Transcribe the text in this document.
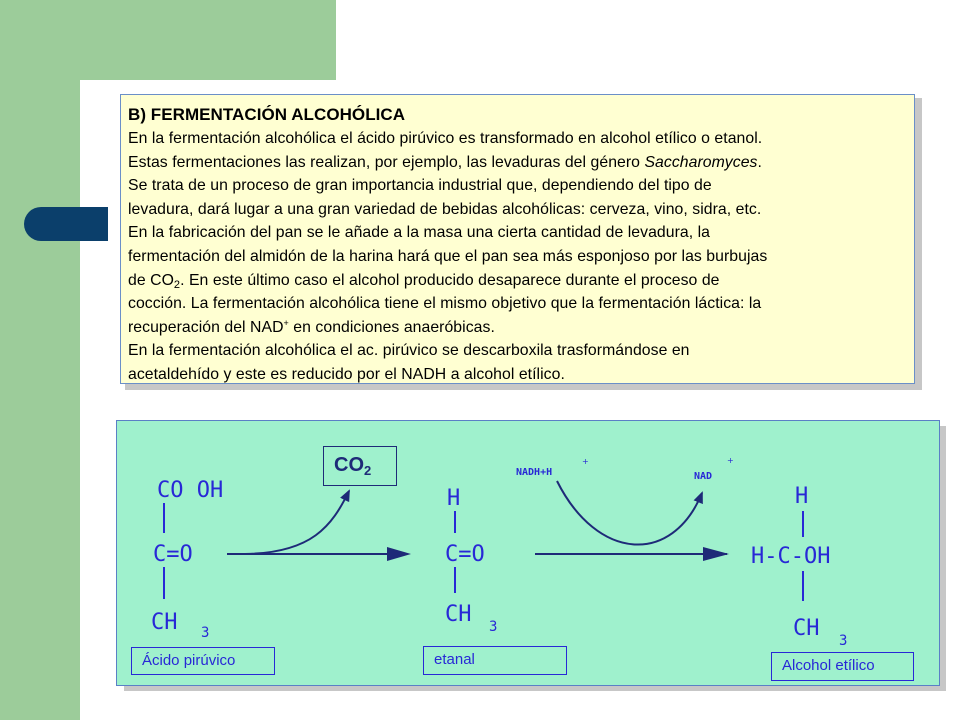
B) FERMENTACIÓN ALCOHÓLICA
En la fermentación alcohólica el ácido pirúvico es transformado en alcohol etílico o etanol.
Estas fermentaciones las realizan, por ejemplo, las levaduras del género Saccharomyces.
Se trata de un proceso de gran importancia industrial que, dependiendo del tipo de
levadura, dará lugar a una gran variedad de bebidas alcohólicas: cerveza, vino, sidra, etc.
En la fabricación del pan se le añade a la masa una cierta cantidad de levadura, la
fermentación del almidón de la harina hará que el pan sea más esponjoso por las burbujas
de $CO_2$. En este último caso el alcohol producido desaparece durante el proceso de
cocción. La fermentación alcohólica tiene el mismo objetivo que la fermentación láctica: la
recuperación del NAD+ en condiciones anaeróbicas.
En la fermentación alcohólica el ac. pirúvico se descarboxila trasformándose en
acetaldehído y este es reducido por el NADH a alcohol etílico.
CO OH
C=O
CH 3
H
C=O
CH 3
NADH+H
+
NAD
+
H
H-C-OH
CH 3
$CO_2$
Ácido pirúvico	etanal	Alcohol etílico
